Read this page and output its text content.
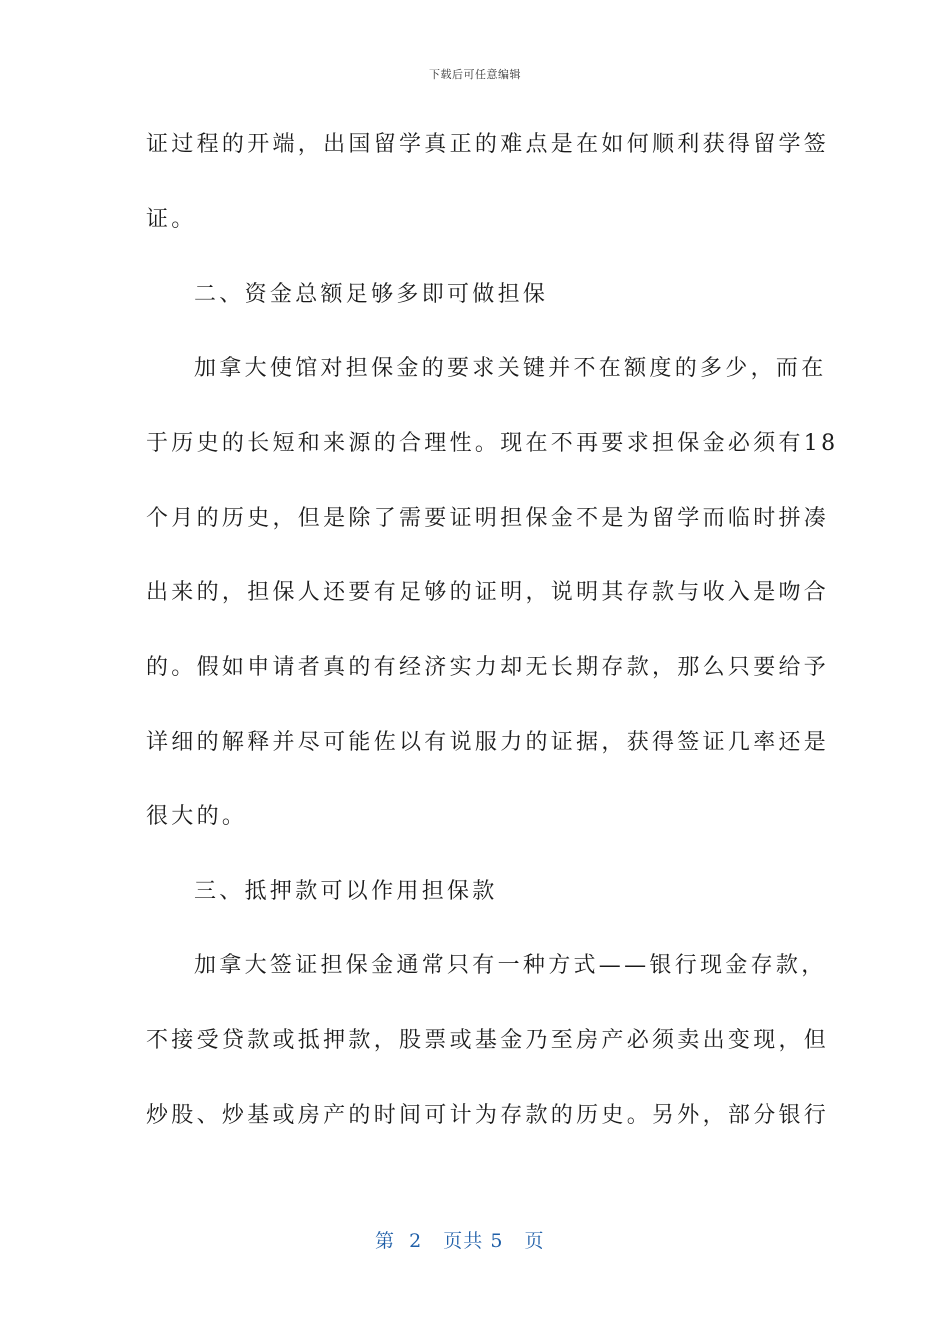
下载后可任意编辑
证过程的开端，出国留学真正的难点是在如何顺利获得留学签
证。
二、资金总额足够多即可做担保
加拿大使馆对担保金的要求关键并不在额度的多少，而在
于历史的长短和来源的合理性。现在不再要求担保金必须有18
个月的历史，但是除了需要证明担保金不是为留学而临时拼凑
出来的，担保人还要有足够的证明，说明其存款与收入是吻合
的。假如申请者真的有经济实力却无长期存款，那么只要给予
详细的解释并尽可能佐以有说服力的证据，获得签证几率还是
很大的。
三、抵押款可以作用担保款
加拿大签证担保金通常只有一种方式——银行现金存款，
不接受贷款或抵押款，股票或基金乃至房产必须卖出变现，但
炒股、炒基或房产的时间可计为存款的历史。另外，部分银行
第  2   页共 5   页
